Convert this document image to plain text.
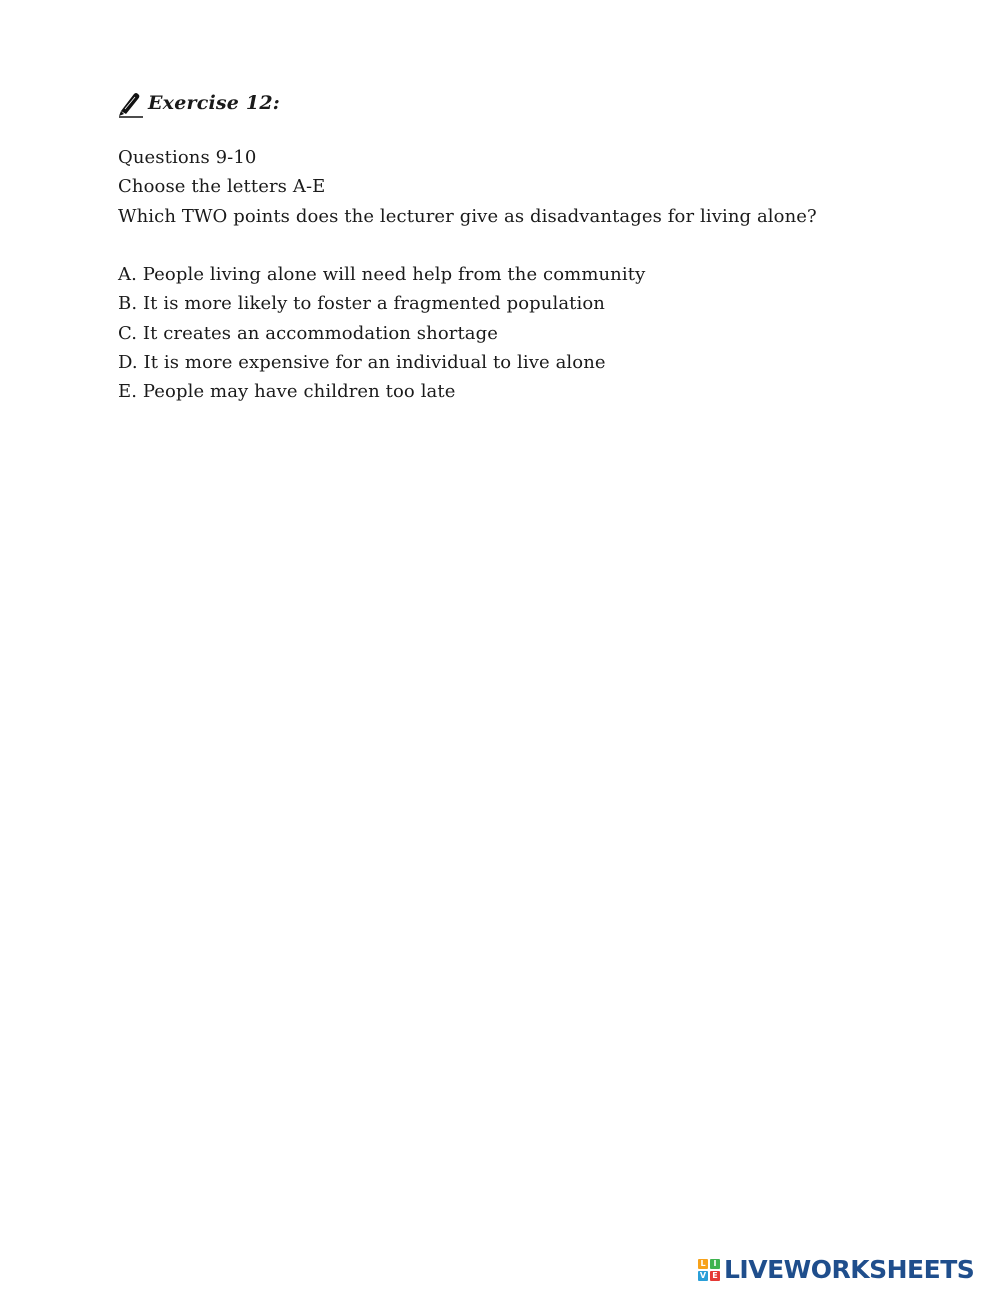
Exercise 12:
Questions 9-10
Choose the letters A-E
Which TWO points does the lecturer give as disadvantages for living alone?
A. People living alone will need help from the community
B. It is more likely to foster a fragmented population
C. It creates an accommodation shortage
D. It is more expensive for an individual to live alone
E. People may have children too late
L I
V E LIVEWORKSHEETS
